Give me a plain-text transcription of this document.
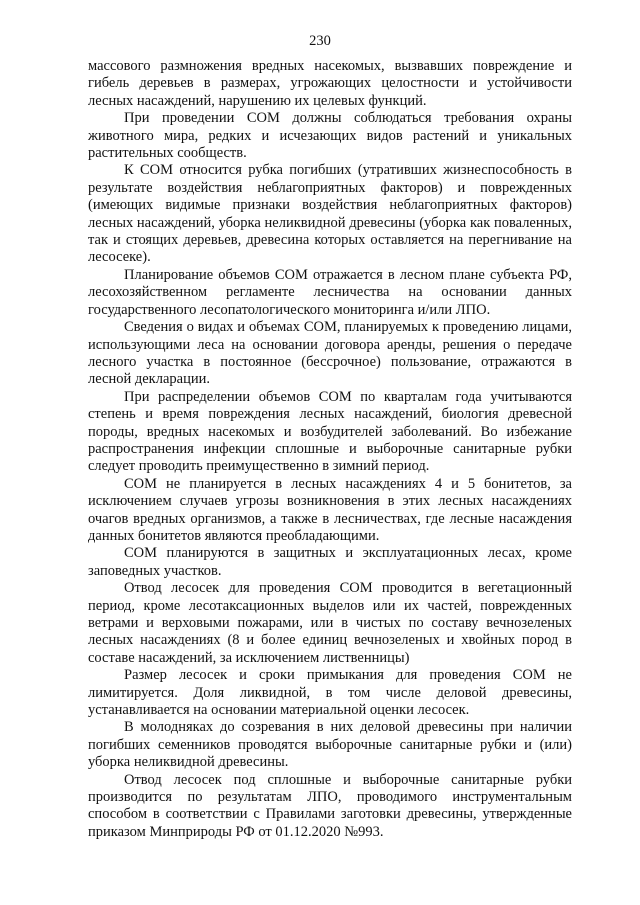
230

массового размножения вредных насекомых, вызвавших повреждение и гибель деревьев в размерах, угрожающих целостности и устойчивости лесных насаждений, нарушению их целевых функций.

При проведении СОМ должны соблюдаться требования охраны животного мира, редких и исчезающих видов растений и уникальных растительных сообществ.

К СОМ относится рубка погибших (утративших жизнеспособность в результате воздействия неблагоприятных факторов) и поврежденных (имеющих видимые признаки воздействия неблагоприятных факторов) лесных насаждений, уборка неликвидной древесины (уборка как поваленных, так и стоящих деревьев, древесина которых оставляется на перегнивание на лесосеке).

Планирование объемов СОМ отражается в лесном плане субъекта РФ, лесохозяйственном регламенте лесничества на основании данных государственного лесопатологического мониторинга и/или ЛПО.

Сведения о видах и объемах СОМ, планируемых к проведению лицами, использующими леса на основании договора аренды, решения о передаче лесного участка в постоянное (бессрочное) пользование, отражаются в лесной декларации.

При распределении объемов СОМ по кварталам года учитываются степень и время повреждения лесных насаждений, биология древесной породы, вредных насекомых и возбудителей заболеваний. Во избежание распространения инфекции сплошные и выборочные санитарные рубки следует проводить преимущественно в зимний период.

СОМ не планируется в лесных насаждениях 4 и 5 бонитетов, за исключением случаев угрозы возникновения в этих лесных насаждениях очагов вредных организмов, а также в лесничествах, где лесные насаждения данных бонитетов являются преобладающими.

СОМ планируются в защитных и эксплуатационных лесах, кроме заповедных участков.

Отвод лесосек для проведения СОМ проводится в вегетационный период, кроме лесотаксационных выделов или их частей, поврежденных ветрами и верховыми пожарами, или в чистых по составу вечнозеленых лесных насаждениях (8 и более единиц вечнозеленых и хвойных пород в составе насаждений, за исключением лиственницы)

Размер лесосек и сроки примыкания для проведения СОМ не лимитируется. Доля ликвидной, в том числе деловой древесины, устанавливается на основании материальной оценки лесосек.

В молодняках до созревания в них деловой древесины при наличии погибших семенников проводятся выборочные санитарные рубки и (или) уборка неликвидной древесины.

Отвод лесосек под сплошные и выборочные санитарные рубки производится по результатам ЛПО, проводимого инструментальным способом в соответствии с Правилами заготовки древесины, утвержденные приказом Минприроды РФ от 01.12.2020 №993.
